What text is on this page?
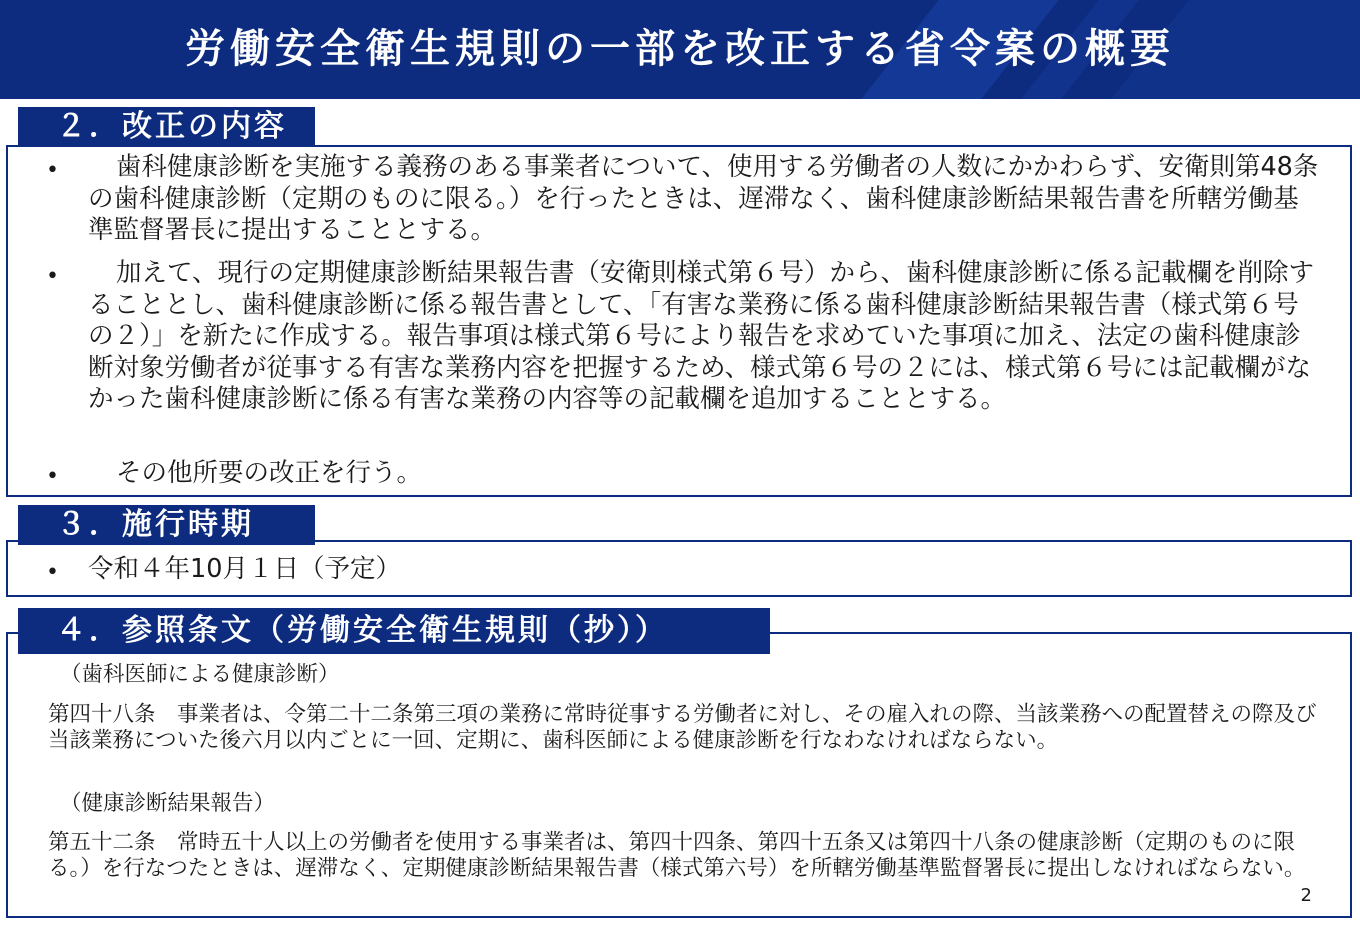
労働安全衛生規則の一部を改正する省令案の概要
２．改正の内容
•	歯科健康診断を実施する義務のある事業者について、使用する労働者の人数にかかわらず、安衛則第48条の歯科健康診断（定期のものに限る。）を行ったときは、遅滞なく、歯科健康診断結果報告書を所轄労働基準監督署長に提出することとする。
•	加えて、現行の定期健康診断結果報告書（安衛則様式第６号）から、歯科健康診断に係る記載欄を削除することとし、歯科健康診断に係る報告書として、「有害な業務に係る歯科健康診断結果報告書（様式第６号の２）」を新たに作成する。報告事項は様式第６号により報告を求めていた事項に加え、法定の歯科健康診断対象労働者が従事する有害な業務内容を把握するため、様式第６号の２には、様式第６号には記載欄がなかった歯科健康診断に係る有害な業務の内容等の記載欄を追加することとする。
•	その他所要の改正を行う。
３．施行時期
• 令和４年10月１日（予定）
４．参照条文（労働安全衛生規則（抄））
（歯科医師による健康診断）
第四十八条　事業者は、令第二十二条第三項の業務に常時従事する労働者に対し、その雇入れの際、当該業務への配置替えの際及び当該業務についた後六月以内ごとに一回、定期に、歯科医師による健康診断を行なわなければならない。
（健康診断結果報告）
第五十二条　常時五十人以上の労働者を使用する事業者は、第四十四条、第四十五条又は第四十八条の健康診断（定期のものに限る。）を行なつたときは、遅滞なく、定期健康診断結果報告書（様式第六号）を所轄労働基準監督署長に提出しなければならない。
2
